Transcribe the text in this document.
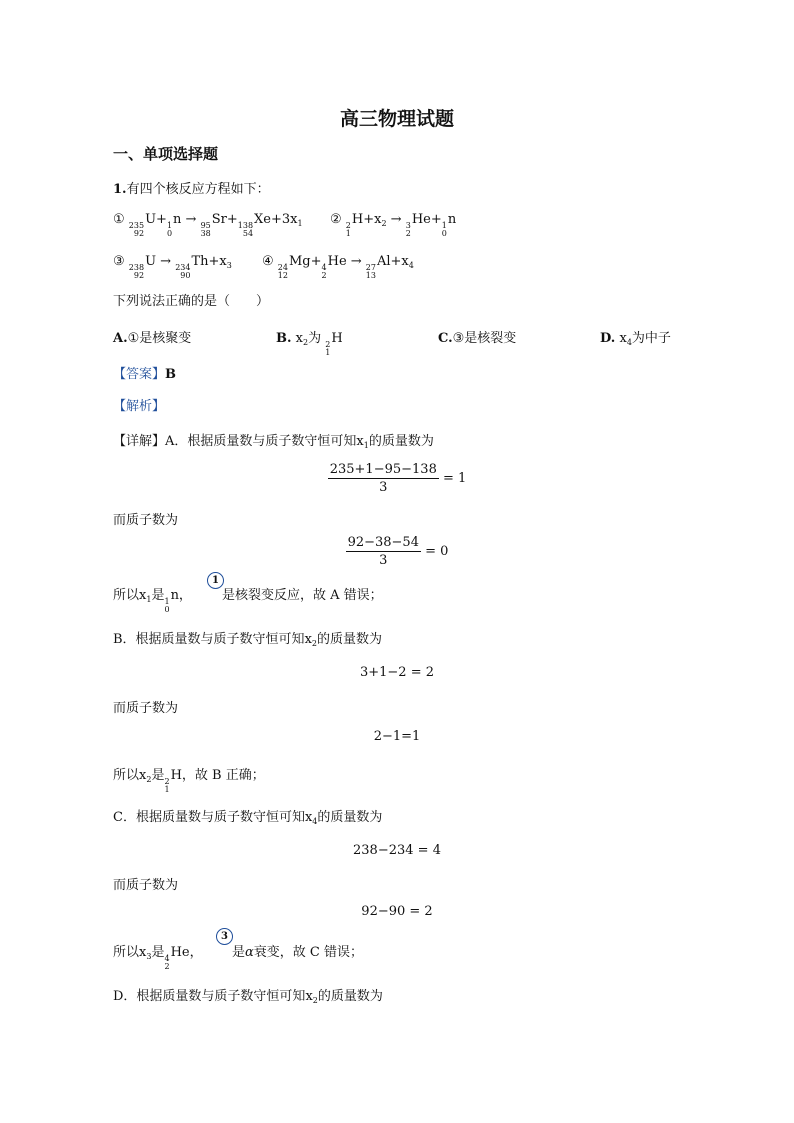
高三物理试题
一、单项选择题
1.有四个核反应方程如下：
① 235
92
U+ 1
0
n → 95
38
Sr+ 138
54
$Xe+3x_1$ ② 2
1
$H+x_2 \to 3$
2
He+ 1
0
n
③ 238
92
U → 234
90
$Th+x_3$ ④ 24
12
Mg+ 4
2
He → 27
13
$Al+x_4$
下列说法正确的是（　　）
A.①是核聚变	B. $x_2$为 2
1
H	C.③是核裂变	D. $x_4$为中子
【答案】B
【解析】
【详解】A．根据质量数与质子数守恒可知$x_1$的质量数为
$\frac{235+1-95-138}{3} = 1$
而质子数为
$\frac{92-38-54}{3} = 0$
所以$x_1$是 1
0
n，
1
是核裂变反应，故 A 错误；
B．根据质量数与质子数守恒可知$x_2$的质量数为
3+1−2 = 2
而质子数为
2−1=1
所以$x_2$是 2
1
H，故 B 正确；
C．根据质量数与质子数守恒可知$x_4$的质量数为
238−234 = 4
而质子数为
92−90 = 2
所以$x_3$是 4
2
He，
3
是α衰变，故 C 错误；
D．根据质量数与质子数守恒可知$x_2$的质量数为
